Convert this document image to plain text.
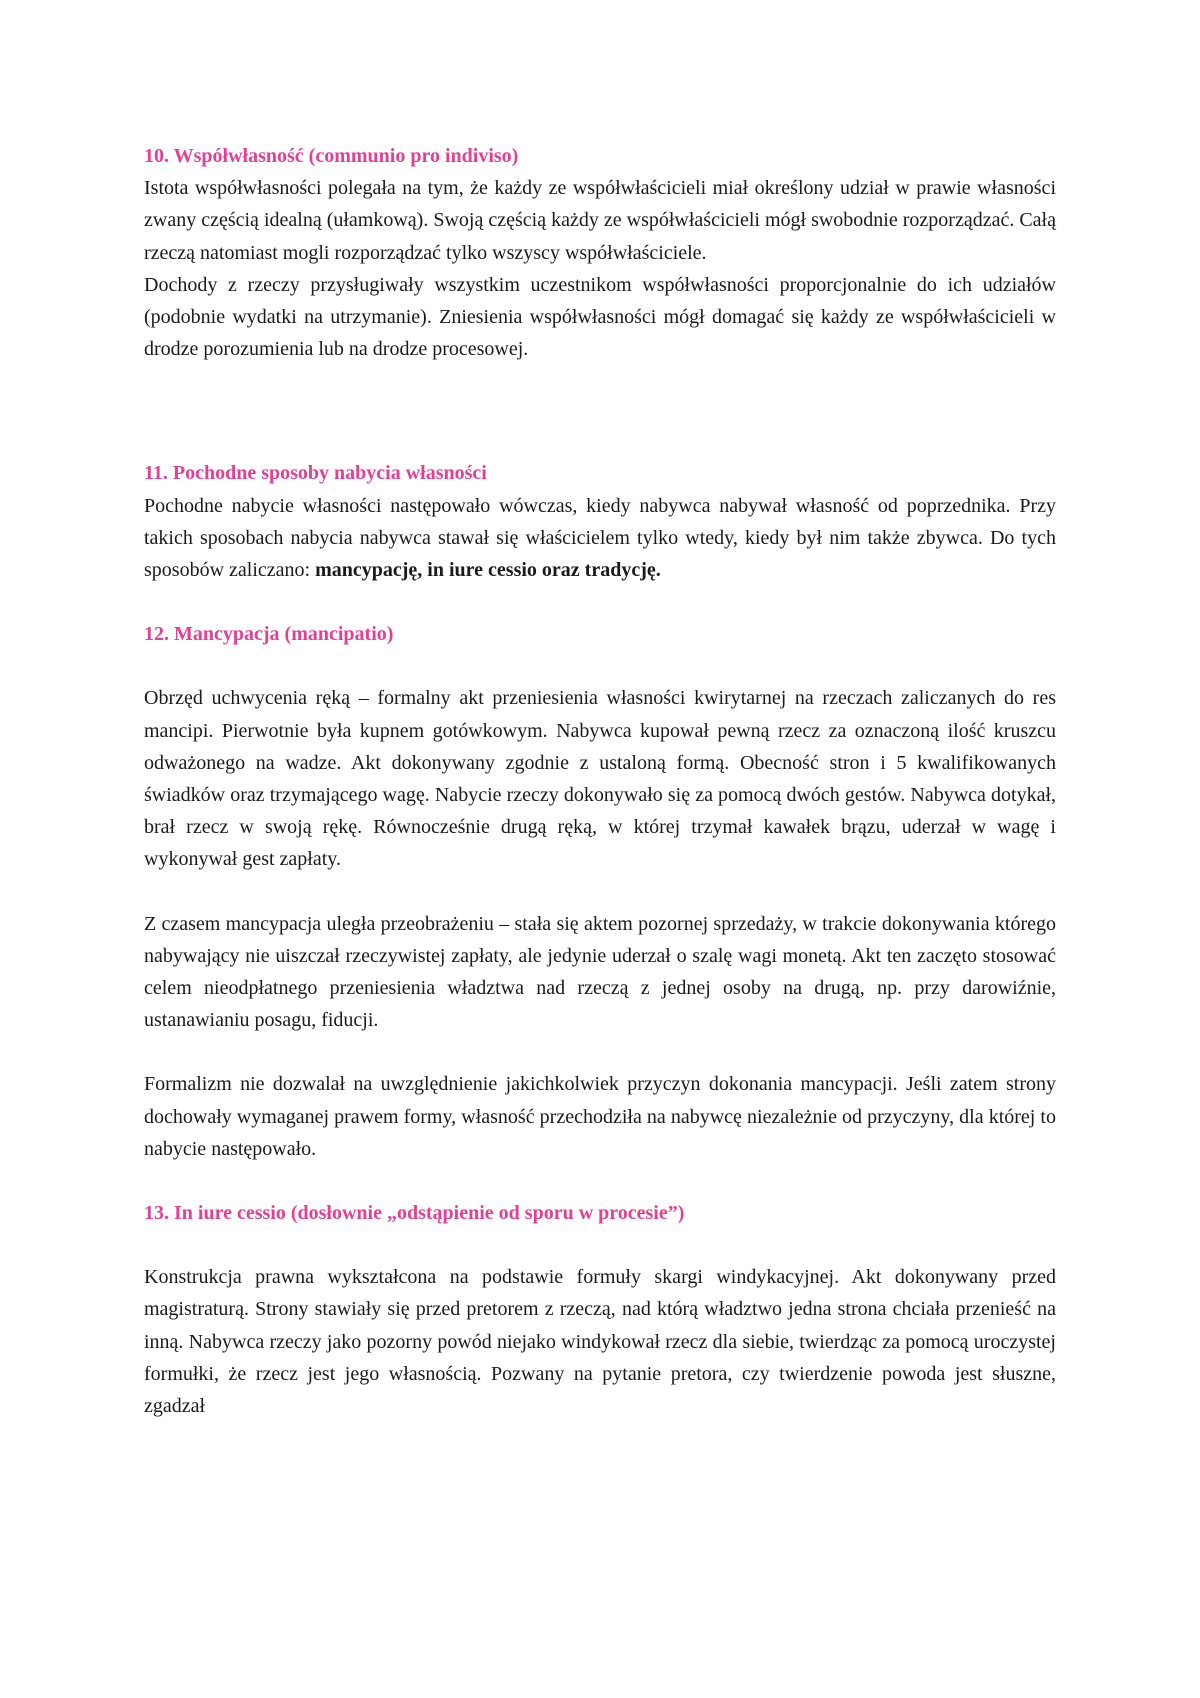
10. Współwłasność (communio pro indiviso)

Istota współwłasności polegała na tym, że każdy ze współwłaścicieli miał określony udział w prawie własności zwany częścią idealną (ułamkową). Swoją częścią każdy ze współwłaścicieli mógł swobodnie rozporządzać. Całą rzeczą natomiast mogli rozporządzać tylko wszyscy współwłaściciele.

Dochody z rzeczy przysługiwały wszystkim uczestnikom współwłasności proporcjonalnie do ich udziałów (podobnie wydatki na utrzymanie). Zniesienia współwłasności mógł domagać się każdy ze współwłaścicieli w drodze porozumienia lub na drodze procesowej.

11. Pochodne sposoby nabycia własności

Pochodne nabycie własności następowało wówczas, kiedy nabywca nabywał własność od poprzednika. Przy takich sposobach nabycia nabywca stawał się właścicielem tylko wtedy, kiedy był nim także zbywca. Do tych sposobów zaliczano: mancypację, in iure cessio oraz tradycję.

12. Mancypacja (mancipatio)

Obrzęd uchwycenia ręką – formalny akt przeniesienia własności kwirytarnej na rzeczach zaliczanych do res mancipi. Pierwotnie była kupnem gotówkowym. Nabywca kupował pewną rzecz za oznaczoną ilość kruszcu odważonego na wadze. Akt dokonywany zgodnie z ustaloną formą. Obecność stron i 5 kwalifikowanych świadków oraz trzymającego wagę. Nabycie rzeczy dokonywało się za pomocą dwóch gestów. Nabywca dotykał, brał rzecz w swoją rękę. Równocześnie drugą ręką, w której trzymał kawałek brązu, uderzał w wagę i wykonywał gest zapłaty.

Z czasem mancypacja uległa przeobrażeniu – stała się aktem pozornej sprzedaży, w trakcie dokonywania którego nabywający nie uiszczał rzeczywistej zapłaty, ale jedynie uderzał o szalę wagi monetą. Akt ten zaczęto stosować celem nieodpłatnego przeniesienia władztwa nad rzeczą z jednej osoby na drugą, np. przy darowiźnie, ustanawianiu posagu, fiducji.

Formalizm nie dozwalał na uwzględnienie jakichkolwiek przyczyn dokonania mancypacji. Jeśli zatem strony dochowały wymaganej prawem formy, własność przechodziła na nabywcę niezależnie od przyczyny, dla której to nabycie następowało.

13. In iure cessio (dosłownie „odstąpienie od sporu w procesie”)

Konstrukcja prawna wykształcona na podstawie formuły skargi windykacyjnej. Akt dokonywany przed magistraturą. Strony stawiały się przed pretorem z rzeczą, nad którą władztwo jedna strona chciała przenieść na inną. Nabywca rzeczy jako pozorny powód niejako windykował rzecz dla siebie, twierdząc za pomocą uroczystej formułki, że rzecz jest jego własnością. Pozwany na pytanie pretora, czy twierdzenie powoda jest słuszne, zgadzał
